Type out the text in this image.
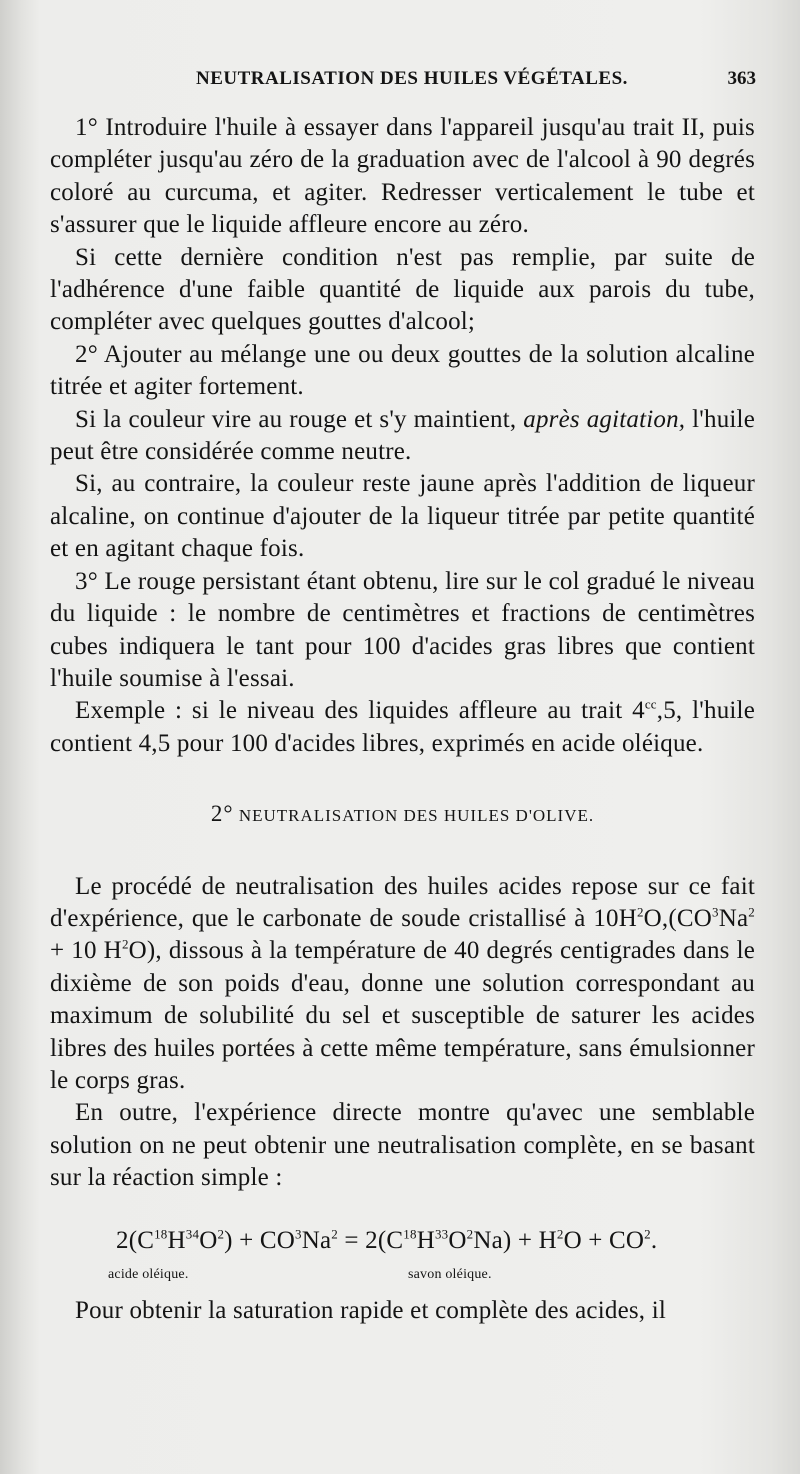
NEUTRALISATION DES HUILES VÉGÉTALES.	363

1° Introduire l'huile à essayer dans l'appareil jusqu'au trait II, puis compléter jusqu'au zéro de la graduation avec de l'alcool à 90 degrés coloré au curcuma, et agiter. Redresser verticalement le tube et s'assurer que le liquide affleure encore au zéro.

Si cette dernière condition n'est pas remplie, par suite de l'adhérence d'une faible quantité de liquide aux parois du tube, compléter avec quelques gouttes d'alcool;

2° Ajouter au mélange une ou deux gouttes de la solution alcaline titrée et agiter fortement.

Si la couleur vire au rouge et s'y maintient, après agitation, l'huile peut être considérée comme neutre.

Si, au contraire, la couleur reste jaune après l'addition de liqueur alcaline, on continue d'ajouter de la liqueur titrée par petite quantité et en agitant chaque fois.

3° Le rouge persistant étant obtenu, lire sur le col gradué le niveau du liquide : le nombre de centimètres et fractions de centimètres cubes indiquera le tant pour 100 d'acides gras libres que contient l'huile soumise à l'essai.

Exemple : si le niveau des liquides affleure au trait $4^{cc},5$, l'huile contient 4,5 pour 100 d'acides libres, exprimés en acide oléique.

2° NEUTRALISATION DES HUILES D'OLIVE.

Le procédé de neutralisation des huiles acides repose sur ce fait d'expérience, que le carbonate de soude cristallisé à $10H^2O,(CO^3Na^2 + 10$ $H^2O$), dissous à la température de 40 degrés centigrades dans le dixième de son poids d'eau, donne une solution correspondant au maximum de solubilité du sel et susceptible de saturer les acides libres des huiles portées à cette même température, sans émulsionner le corps gras.

En outre, l'expérience directe montre qu'avec une semblable solution on ne peut obtenir une neutralisation complète, en se basant sur la réaction simple :

$2(C^{18}H^{34}O^2) + CO^3Na^2 = 2(C^{18}H^{33}O^2Na) + H^2O + CO^2$.
acide oléique.	savon oléique.

Pour obtenir la saturation rapide et complète des acides, il
